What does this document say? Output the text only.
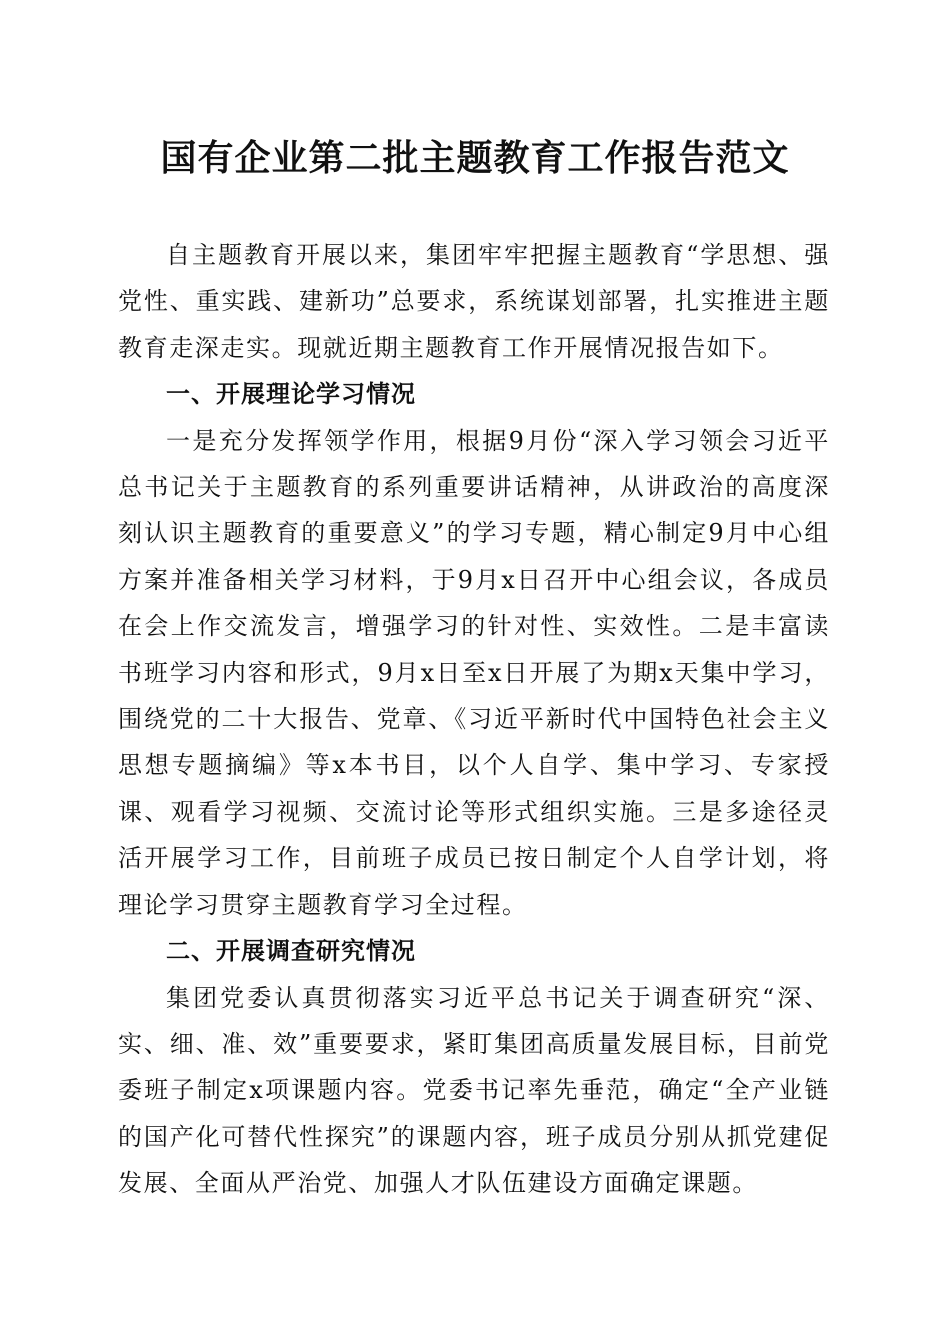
国有企业第二批主题教育工作报告范文

自主题教育开展以来，集团牢牢把握主题教育“学思想、强党性、重实践、建新功”总要求，系统谋划部署，扎实推进主题教育走深走实。现就近期主题教育工作开展情况报告如下。

一、开展理论学习情况

一是充分发挥领学作用，根据9月份“深入学习领会习近平总书记关于主题教育的系列重要讲话精神，从讲政治的高度深刻认识主题教育的重要意义”的学习专题，精心制定9月中心组方案并准备相关学习材料，于9月x日召开中心组会议，各成员在会上作交流发言，增强学习的针对性、实效性。二是丰富读书班学习内容和形式，9月x日至x日开展了为期x天集中学习，围绕党的二十大报告、党章、《习近平新时代中国特色社会主义思想专题摘编》等x本书目，以个人自学、集中学习、专家授课、观看学习视频、交流讨论等形式组织实施。三是多途径灵活开展学习工作，目前班子成员已按日制定个人自学计划，将理论学习贯穿主题教育学习全过程。

二、开展调查研究情况

集团党委认真贯彻落实习近平总书记关于调查研究“深、实、细、准、效”重要要求，紧盯集团高质量发展目标，目前党委班子制定x项课题内容。党委书记率先垂范，确定“全产业链的国产化可替代性探究”的课题内容，班子成员分别从抓党建促发展、全面从严治党、加强人才队伍建设方面确定课题。
